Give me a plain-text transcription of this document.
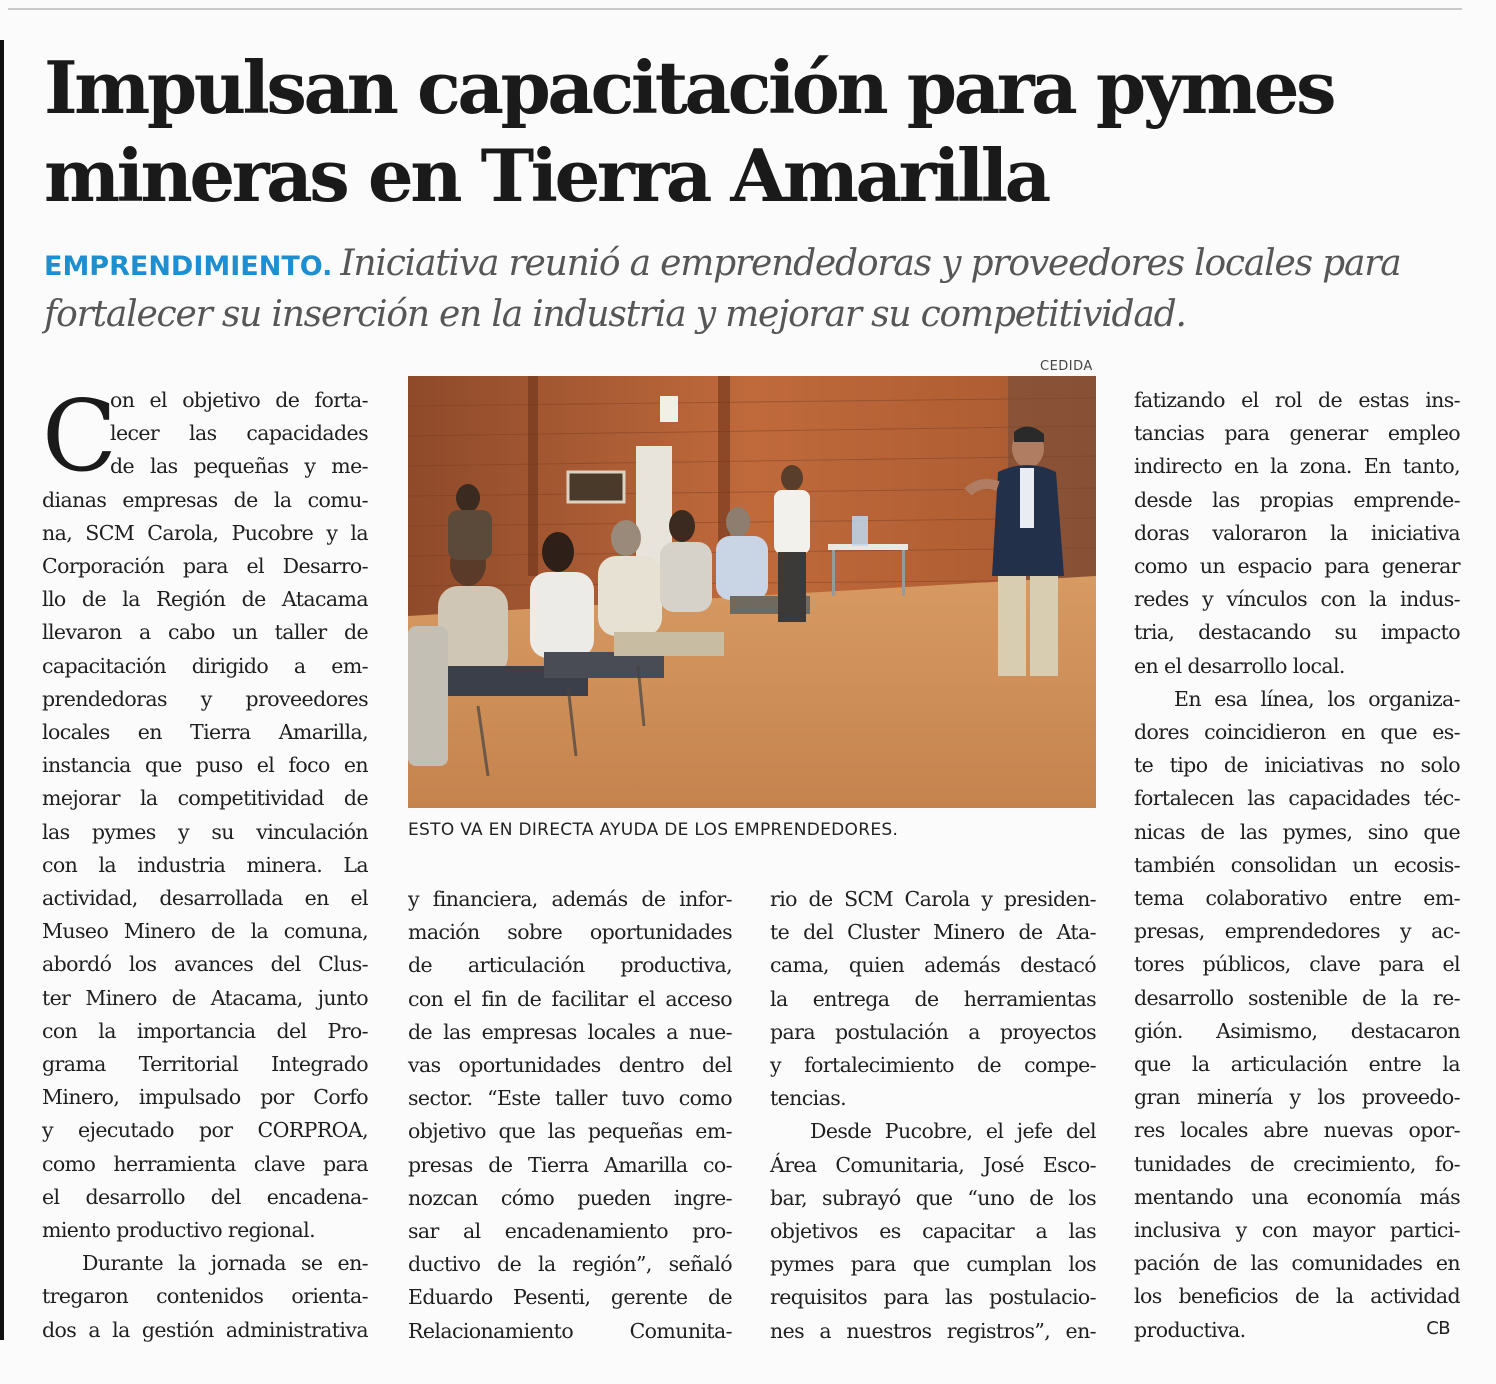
Impulsan capacitación para pymes
mineras en Tierra Amarilla
EMPRENDIMIENTO. Iniciativa reunió a emprendedoras y proveedores locales para
fortalecer su inserción en la industria y mejorar su competitividad.
CEDIDA
ESTO VA EN DIRECTA AYUDA DE LOS EMPRENDEDORES.
C
on el objetivo de forta-
lecer las capacidades
de las pequeñas y me-
dianas empresas de la comu-
na, SCM Carola, Pucobre y la
Corporación para el Desarro-
llo de la Región de Atacama
llevaron a cabo un taller de
capacitación dirigido a em-
prendedoras y proveedores
locales en Tierra Amarilla,
instancia que puso el foco en
mejorar la competitividad de
las pymes y su vinculación
con la industria minera. La
actividad, desarrollada en el
Museo Minero de la comuna,
abordó los avances del Clus-
ter Minero de Atacama, junto
con la importancia del Pro-
grama Territorial Integrado
Minero, impulsado por Corfo
y ejecutado por CORPROA,
como herramienta clave para
el desarrollo del encadena-
miento productivo regional.
Durante la jornada se en-
tregaron contenidos orienta-
dos a la gestión administrativa
y financiera, además de infor-
mación sobre oportunidades
de articulación productiva,
con el fin de facilitar el acceso
de las empresas locales a nue-
vas oportunidades dentro del
sector. “Este taller tuvo como
objetivo que las pequeñas em-
presas de Tierra Amarilla co-
nozcan cómo pueden ingre-
sar al encadenamiento pro-
ductivo de la región”, señaló
Eduardo Pesenti, gerente de
Relacionamiento Comunita-
rio de SCM Carola y presiden-
te del Cluster Minero de Ata-
cama, quien además destacó
la entrega de herramientas
para postulación a proyectos
y fortalecimiento de compe-
tencias.
Desde Pucobre, el jefe del
Área Comunitaria, José Esco-
bar, subrayó que “uno de los
objetivos es capacitar a las
pymes para que cumplan los
requisitos para las postulacio-
nes a nuestros registros”, en-
fatizando el rol de estas ins-
tancias para generar empleo
indirecto en la zona. En tanto,
desde las propias emprende-
doras valoraron la iniciativa
como un espacio para generar
redes y vínculos con la indus-
tria, destacando su impacto
en el desarrollo local.
En esa línea, los organiza-
dores coincidieron en que es-
te tipo de iniciativas no solo
fortalecen las capacidades téc-
nicas de las pymes, sino que
también consolidan un ecosis-
tema colaborativo entre em-
presas, emprendedores y ac-
tores públicos, clave para el
desarrollo sostenible de la re-
gión. Asimismo, destacaron
que la articulación entre la
gran minería y los proveedo-
res locales abre nuevas opor-
tunidades de crecimiento, fo-
mentando una economía más
inclusiva y con mayor partici-
pación de las comunidades en
los beneficios de la actividad
productiva.	CB
